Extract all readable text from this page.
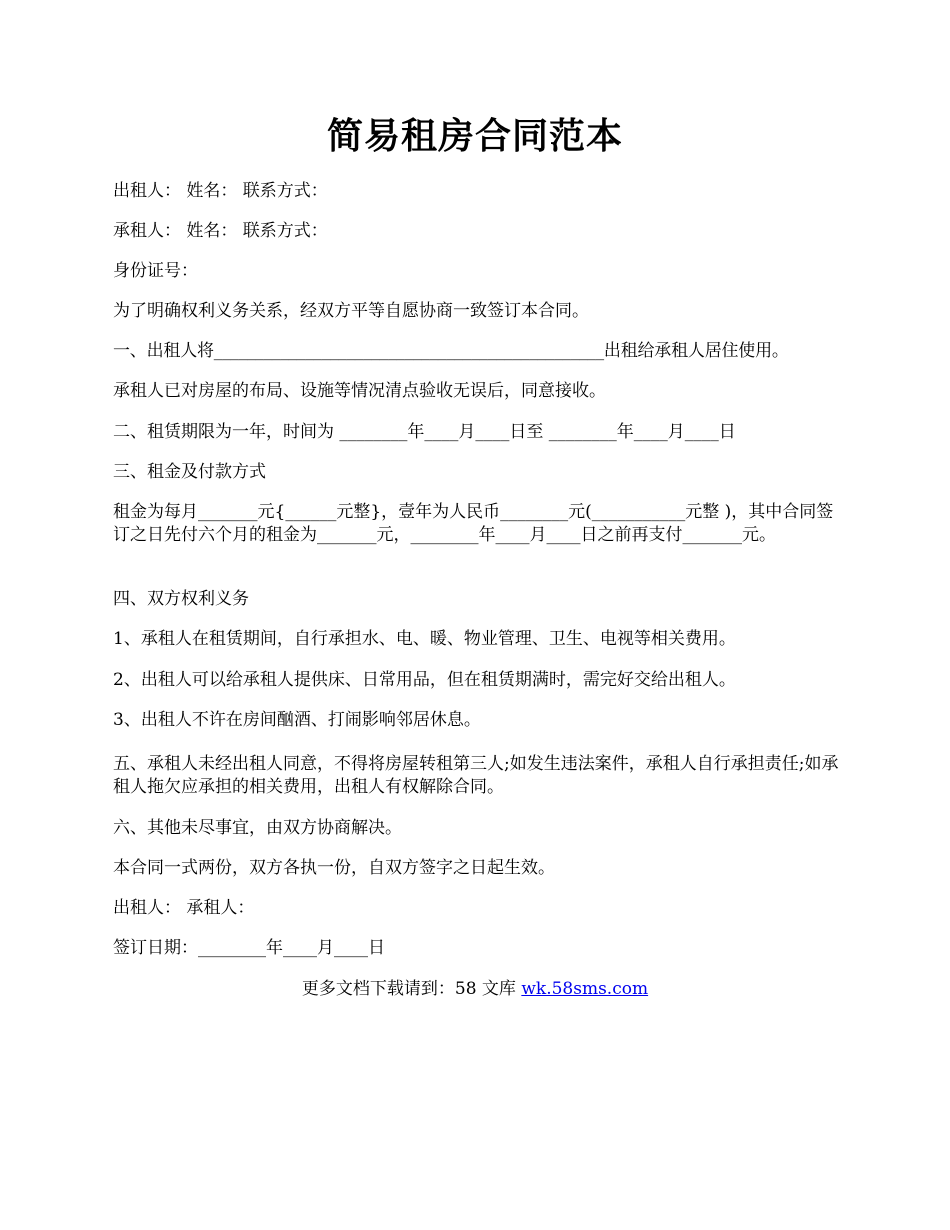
简易租房合同范本
出租人： 姓名： 联系方式：
承租人： 姓名： 联系方式：
身份证号：
为了明确权利义务关系，经双方平等自愿协商一致签订本合同。
一、出租人将_______________________________________________出租给承租人居住使用。
承租人已对房屋的布局、设施等情况清点验收无误后，同意接收。
二、租赁期限为一年，时间为 ________年____月____日至 ________年____月____日
三、租金及付款方式
租金为每月_______元{______元整}，壹年为人民币________元(___________元整 )，其中合同签订之日先付六个月的租金为_______元，________年____月____日之前再支付_______元。
四、双方权利义务
1、承租人在租赁期间，自行承担水、电、暖、物业管理、卫生、电视等相关费用。
2、出租人可以给承租人提供床、日常用品，但在租赁期满时，需完好交给出租人。
3、出租人不许在房间酗酒、打闹影响邻居休息。
五、承租人未经出租人同意，不得将房屋转租第三人;如发生违法案件，承租人自行承担责任;如承租人拖欠应承担的相关费用，出租人有权解除合同。
六、其他未尽事宜，由双方协商解决。
本合同一式两份，双方各执一份，自双方签字之日起生效。
出租人： 承租人：
签订日期：________年____月____日
更多文档下载请到：58 文库 wk.58sms.com
